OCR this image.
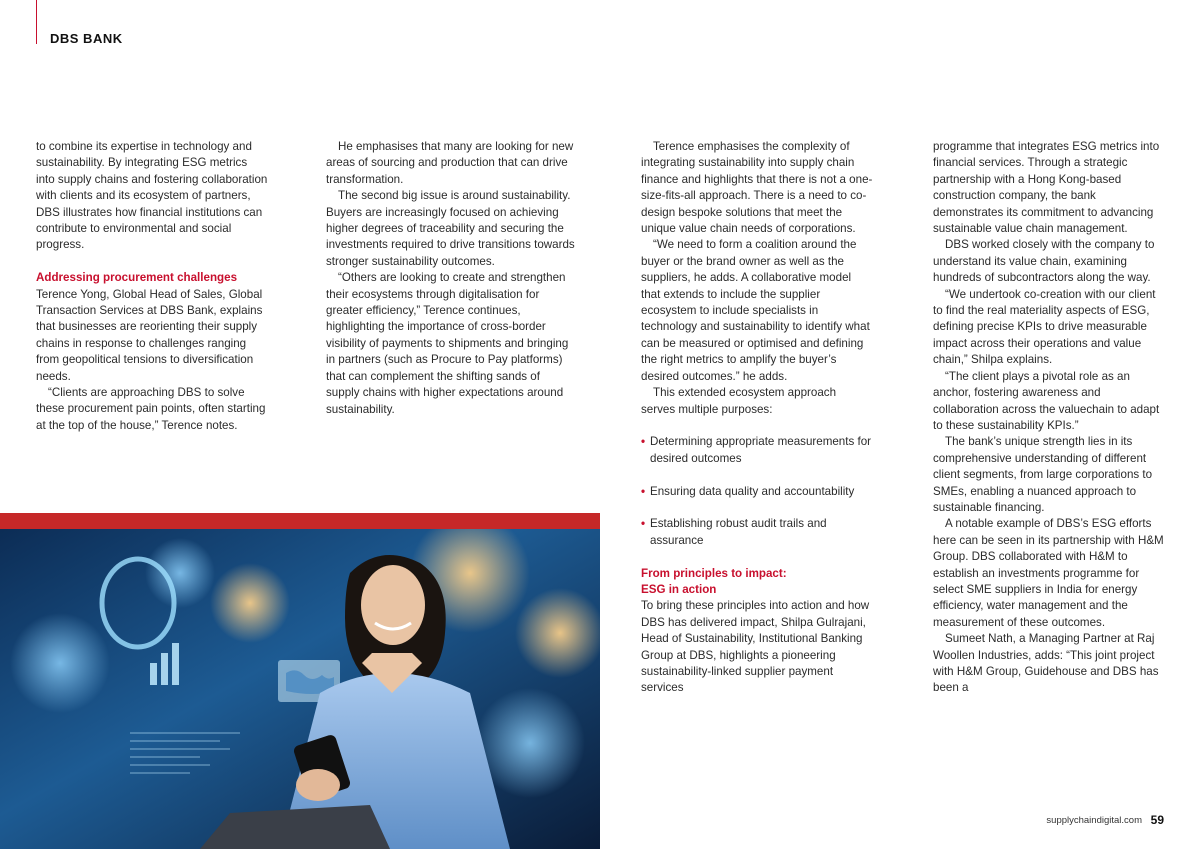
DBS BANK

to combine its expertise in technology and sustainability. By integrating ESG metrics into supply chains and fostering collaboration with clients and its ecosystem of partners, DBS illustrates how financial institutions can contribute to environmental and social progress.

Addressing procurement challenges

Terence Yong, Global Head of Sales, Global Transaction Services at DBS Bank, explains that businesses are reorienting their supply chains in response to challenges ranging from geopolitical tensions to diversification needs.

“Clients are approaching DBS to solve these procurement pain points, often starting at the top of the house,” Terence notes.

He emphasises that many are looking for new areas of sourcing and production that can drive transformation.

The second big issue is around sustainability. Buyers are increasingly focused on achieving higher degrees of traceability and securing the investments required to drive transitions towards stronger sustainability outcomes.

“Others are looking to create and strengthen their ecosystems through digitalisation for greater efficiency,” Terence continues, highlighting the importance of cross-border visibility of payments to shipments and bringing in partners (such as Procure to Pay platforms) that can complement the shifting sands of supply chains with higher expectations around sustainability.

Terence emphasises the complexity of integrating sustainability into supply chain finance and highlights that there is not a one-size-fits-all approach. There is a need to co-design bespoke solutions that meet the unique value chain needs of corporations.

“We need to form a coalition around the buyer or the brand owner as well as the suppliers, he adds. A collaborative model that extends to include the supplier ecosystem to include specialists in technology and sustainability to identify what can be measured or optimised and defining the right metrics to amplify the buyer’s desired outcomes.” he adds.

This extended ecosystem approach serves multiple purposes:

• Determining appropriate measurements for desired outcomes
• Ensuring data quality and accountability
• Establishing robust audit trails and assurance
From principles to impact: ESG in action

To bring these principles into action and how DBS has delivered impact, Shilpa Gulrajani, Head of Sustainability, Institutional Banking Group at DBS, highlights a pioneering sustainability-linked supplier payment services

programme that integrates ESG metrics into financial services. Through a strategic partnership with a Hong Kong-based construction company, the bank demonstrates its commitment to advancing sustainable value chain management.

DBS worked closely with the company to understand its value chain, examining hundreds of subcontractors along the way.

“We undertook co-creation with our client to find the real materiality aspects of ESG, defining precise KPIs to drive measurable impact across their operations and value chain,” Shilpa explains.

“The client plays a pivotal role as an anchor, fostering awareness and collaboration across the valuechain to adapt to these sustainability KPIs.”

The bank’s unique strength lies in its comprehensive understanding of different client segments, from large corporations to SMEs, enabling a nuanced approach to sustainable financing.

A notable example of DBS’s ESG efforts here can be seen in its partnership with H&M Group. DBS collaborated with H&M to establish an investments programme for select SME suppliers in India for energy efficiency, water management and the measurement of these outcomes.

Sumeet Nath, a Managing Partner at Raj Woollen Industries, adds: “This joint project with H&M Group, Guidehouse and DBS has been a

supplychaindigital.com 59
